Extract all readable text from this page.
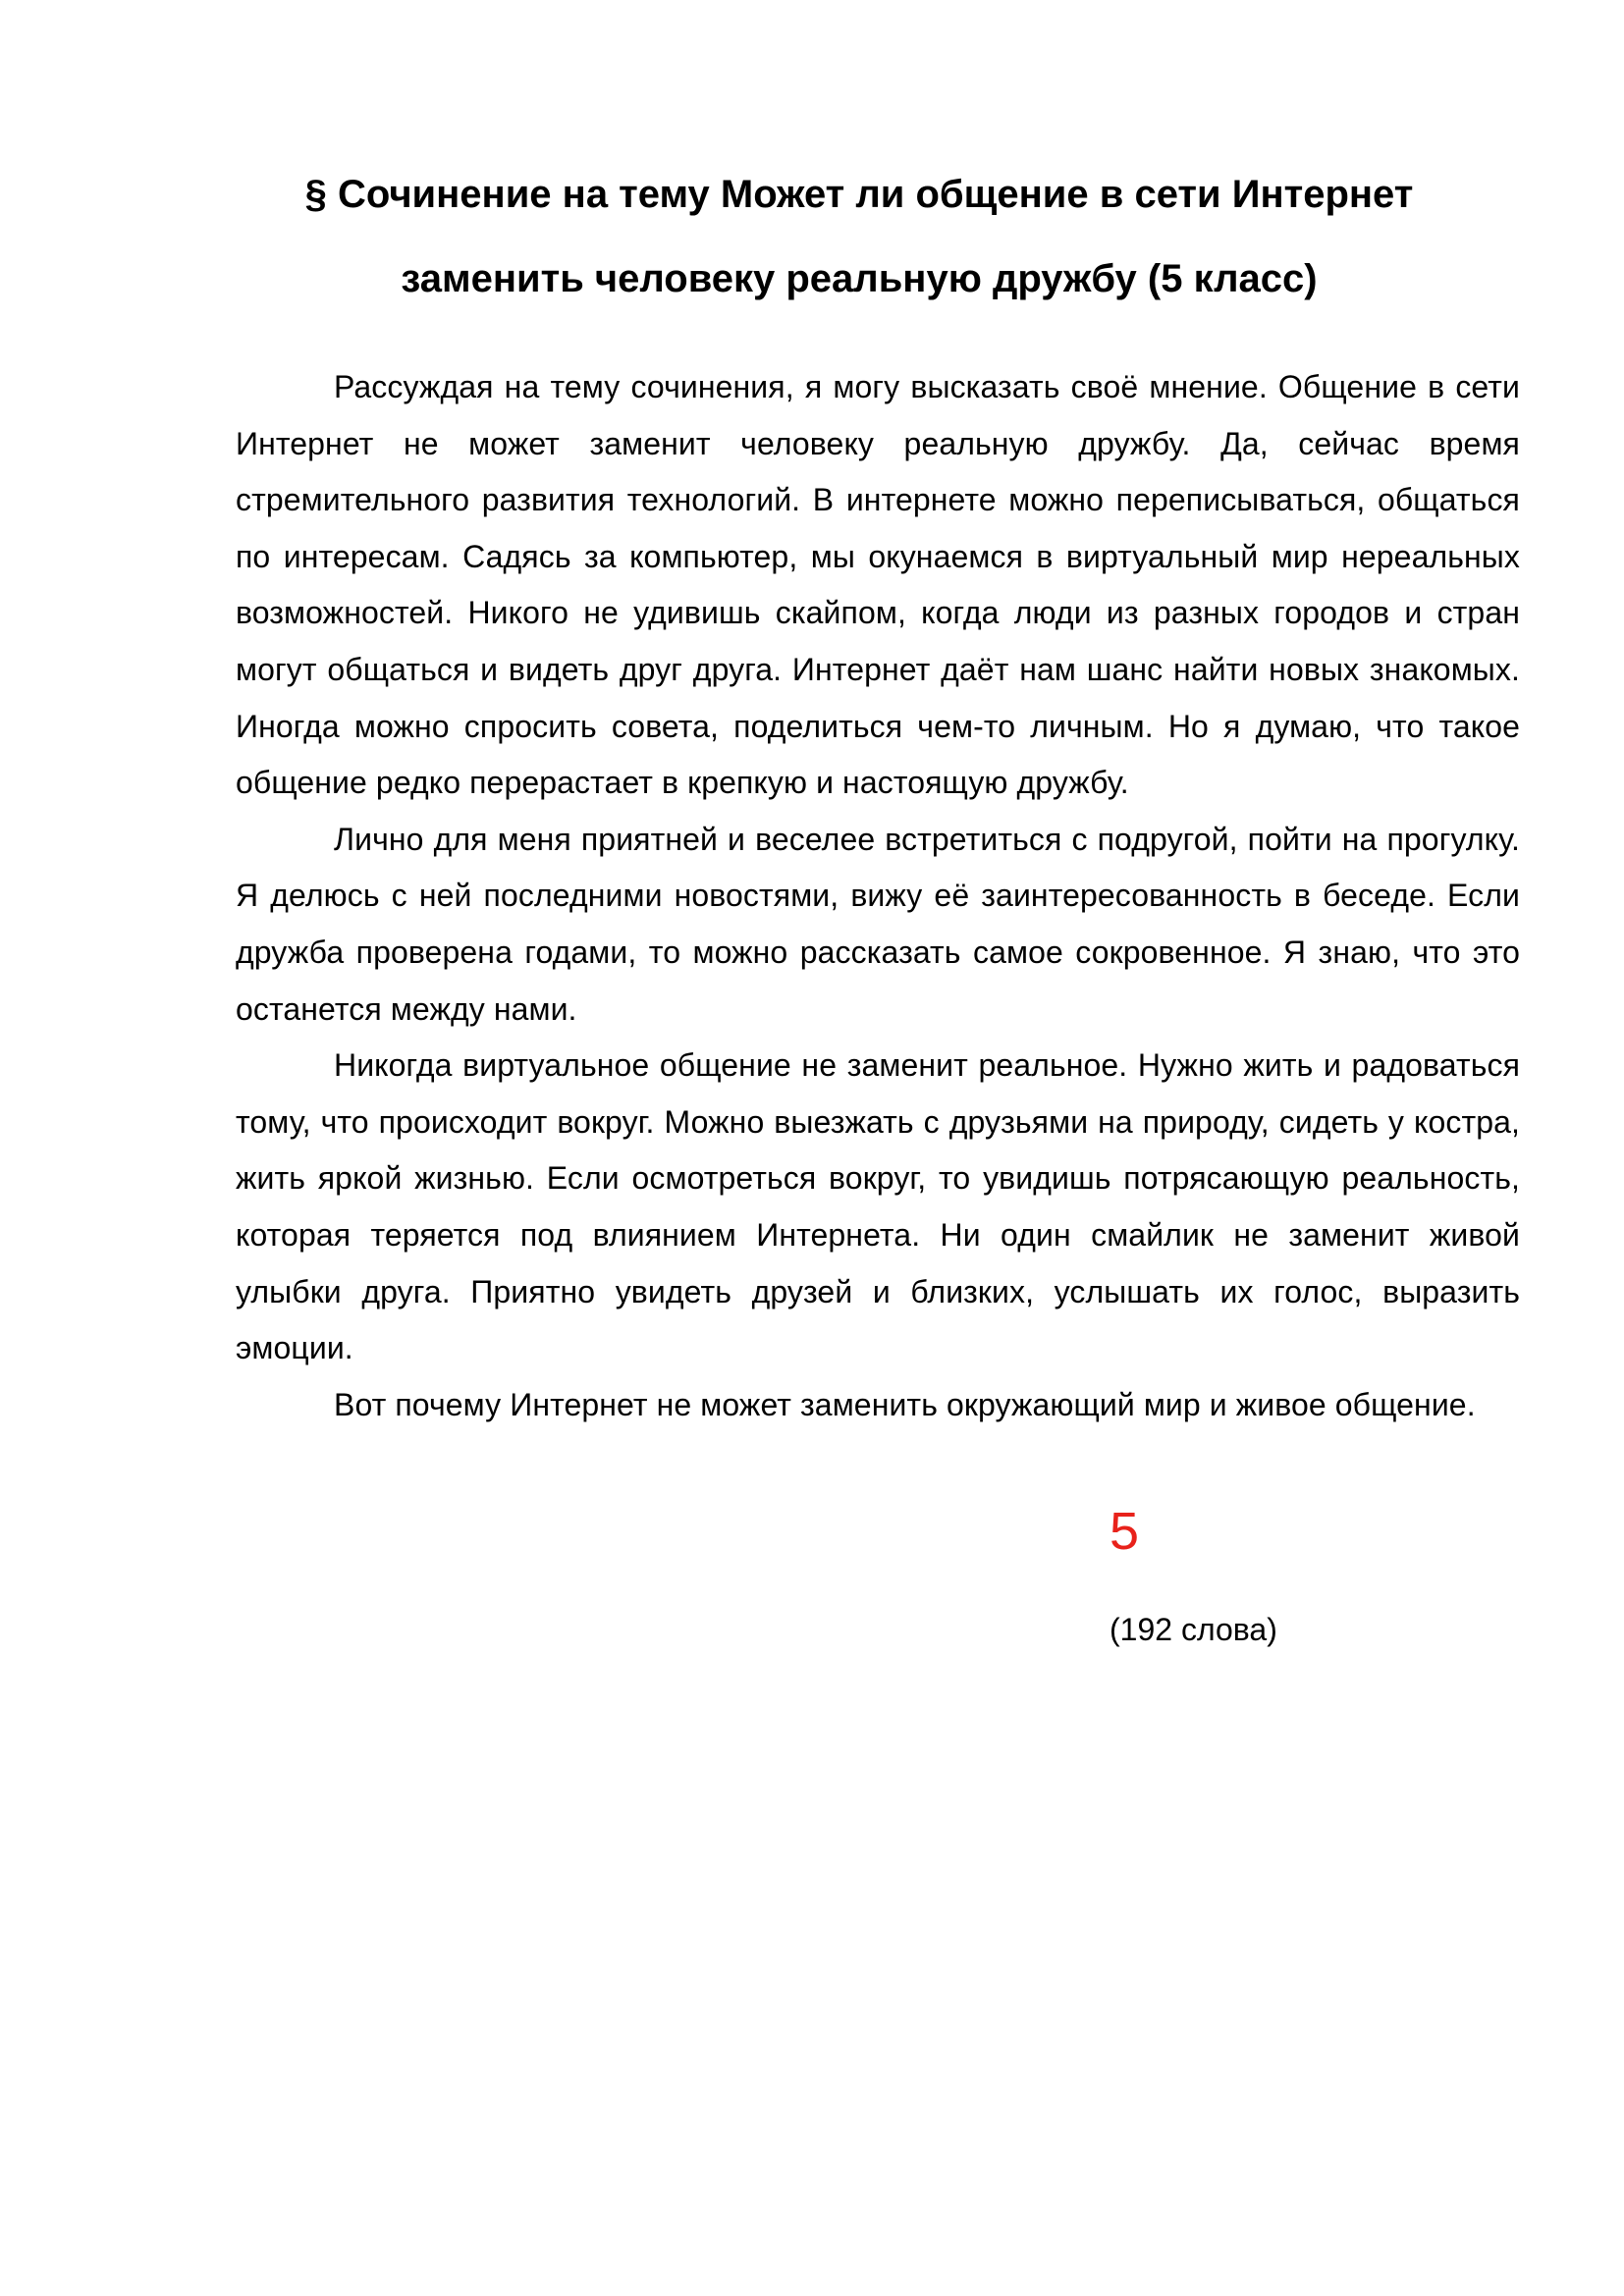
§ Сочинение на тему Может ли общение в сети Интернет заменить человеку реальную дружбу (5 класс)

Рассуждая на тему сочинения, я могу высказать своё мнение. Общение в сети Интернет не может заменит человеку реальную дружбу. Да, сейчас время стремительного развития технологий. В интернете можно переписываться, общаться по интересам. Садясь за компьютер, мы окунаемся в виртуальный мир нереальных возможностей. Никого не удивишь скайпом, когда люди из разных городов и стран могут общаться и видеть друг друга. Интернет даёт нам шанс найти новых знакомых. Иногда можно спросить совета, поделиться чем-то личным. Но я думаю, что такое общение редко перерастает в крепкую и настоящую дружбу.

Лично для меня приятней и веселее встретиться с подругой, пойти на прогулку. Я делюсь с ней последними новостями, вижу её заинтересованность в беседе. Если дружба проверена годами, то можно рассказать самое сокровенное. Я знаю, что это останется между нами.

Никогда виртуальное общение не заменит реальное. Нужно жить и радоваться тому, что происходит вокруг. Можно выезжать с друзьями на природу, сидеть у костра, жить яркой жизнью. Если осмотреться вокруг, то увидишь потрясающую реальность, которая теряется под влиянием Интернета. Ни один смайлик не заменит живой улыбки друга. Приятно увидеть друзей и близких, услышать их голос, выразить эмоции.

Вот почему Интернет не может заменить окружающий мир и живое общение.

5
(192 слова)
